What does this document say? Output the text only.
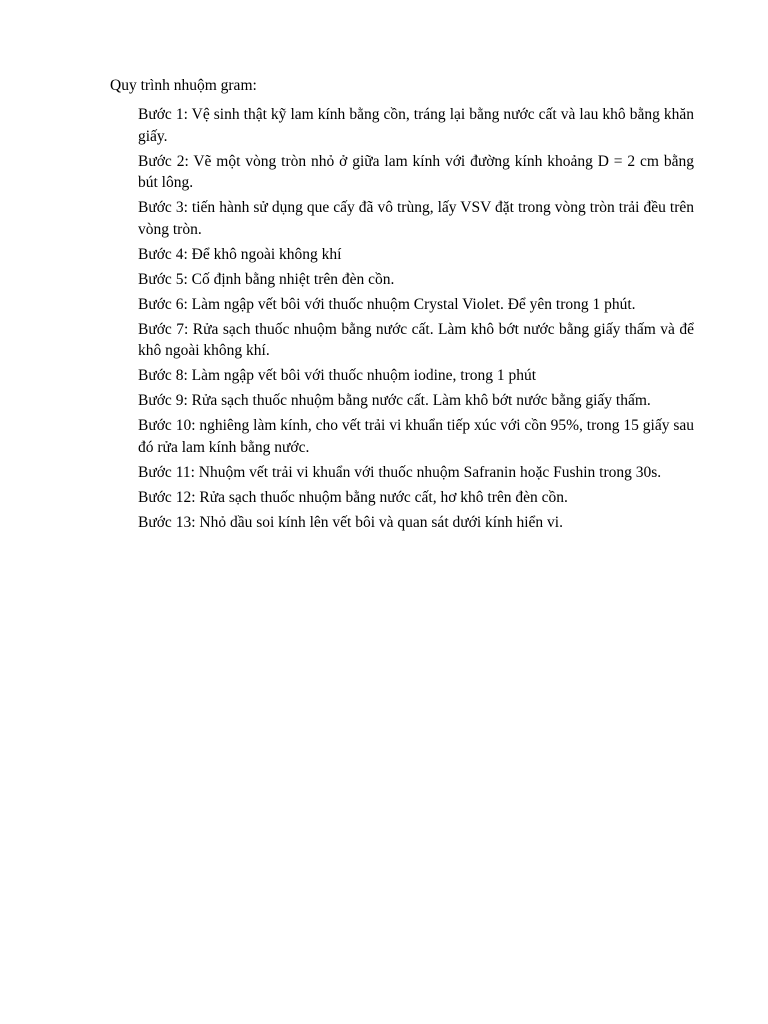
Quy trình nhuộm gram:

Bước 1: Vệ sinh thật kỹ lam kính bằng cồn, tráng lại bằng nước cất và lau khô bằng khăn giấy.
Bước 2: Vẽ một vòng tròn nhỏ ở giữa lam kính với đường kính khoảng D = 2 cm bằng bút lông.
Bước 3: tiến hành sử dụng que cấy đã vô trùng, lấy VSV đặt trong vòng tròn trải đều trên vòng tròn.
Bước 4: Để khô ngoài không khí
Bước 5: Cố định bằng nhiệt trên đèn cồn.
Bước 6: Làm ngập vết bôi với thuốc nhuộm Crystal Violet. Để yên trong 1 phút.
Bước 7: Rửa sạch thuốc nhuộm bằng nước cất. Làm khô bớt nước bằng giấy thấm và để khô ngoài không khí.
Bước 8: Làm ngập vết bôi với thuốc nhuộm iodine, trong 1 phút
Bước 9: Rửa sạch thuốc nhuộm bằng nước cất. Làm khô bớt nước bằng giấy thấm.
Bước 10: nghiêng làm kính, cho vết trải vi khuẩn tiếp xúc với cồn 95%, trong 15 giấy sau đó rửa lam kính bằng nước.
Bước 11: Nhuộm vết trải vi khuẩn với thuốc nhuộm Safranin hoặc Fushin trong 30s.
Bước 12: Rửa sạch thuốc nhuộm bằng nước cất, hơ khô trên đèn cồn.
Bước 13: Nhỏ dầu soi kính lên vết bôi và quan sát dưới kính hiển vi.
